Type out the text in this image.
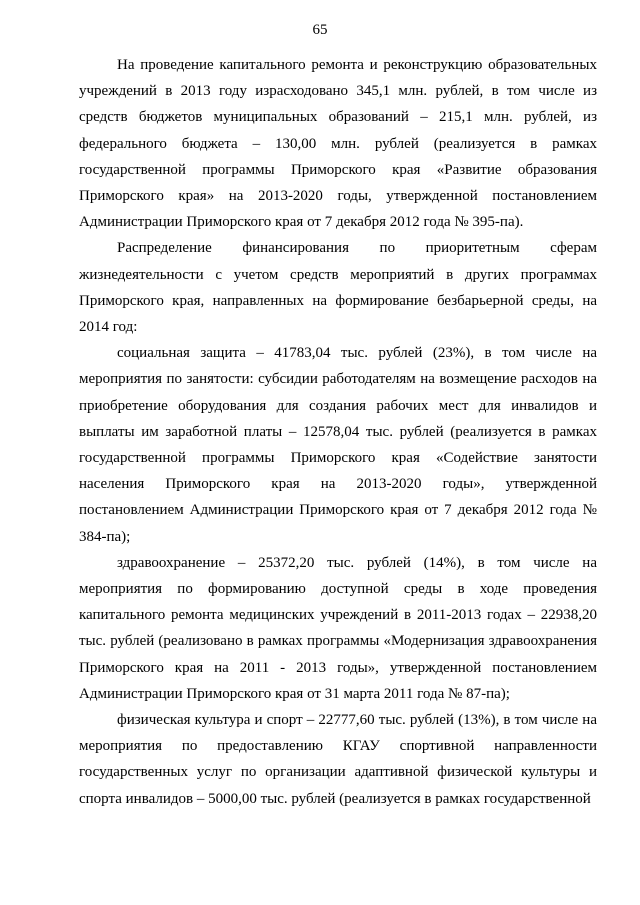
65

На проведение капитального ремонта и реконструкцию образовательных учреждений в 2013 году израсходовано 345,1 млн. рублей, в том числе из средств бюджетов муниципальных образований – 215,1 млн. рублей, из федерального бюджета – 130,00 млн. рублей (реализуется в рамках государственной программы Приморского края «Развитие образования Приморского края» на 2013-2020 годы, утвержденной постановлением Администрации Приморского края от 7 декабря 2012 года № 395-па).

Распределение финансирования по приоритетным сферам жизнедеятельности с учетом средств мероприятий в других программах Приморского края, направленных на формирование безбарьерной среды, на 2014 год:

социальная защита – 41783,04 тыс. рублей (23%), в том числе на мероприятия по занятости: субсидии работодателям на возмещение расходов на приобретение оборудования для создания рабочих мест для инвалидов и выплаты им заработной платы – 12578,04 тыс. рублей (реализуется в рамках государственной программы Приморского края «Содействие занятости населения Приморского края на 2013-2020 годы», утвержденной постановлением Администрации Приморского края от 7 декабря 2012 года № 384-па);

здравоохранение – 25372,20 тыс. рублей (14%), в том числе на мероприятия по формированию доступной среды в ходе проведения капитального ремонта медицинских учреждений в 2011-2013 годах – 22938,20 тыс. рублей (реализовано в рамках программы «Модернизация здравоохранения Приморского края на 2011 - 2013 годы», утвержденной постановлением Администрации Приморского края от 31 марта 2011 года № 87-па);

физическая культура и спорт – 22777,60 тыс. рублей (13%), в том числе на мероприятия по предоставлению КГАУ спортивной направленности государственных услуг по организации адаптивной физической культуры и спорта инвалидов – 5000,00 тыс. рублей (реализуется в рамках государственной
